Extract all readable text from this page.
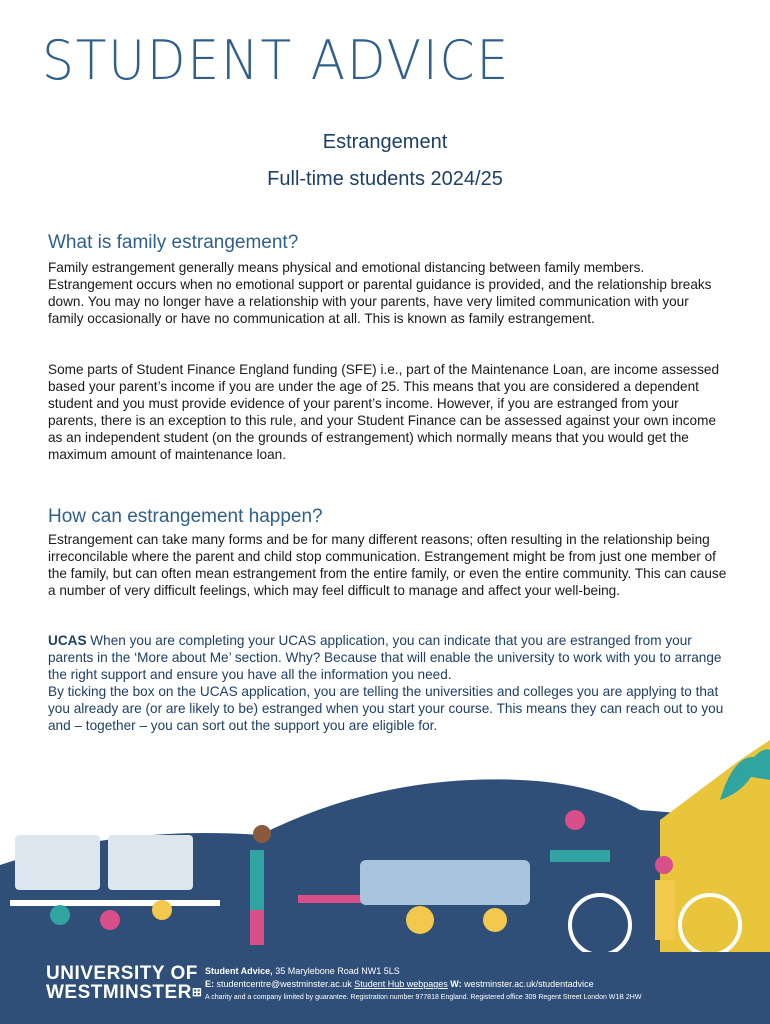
STUDENT ADVICE
Estrangement
Full-time students 2024/25
What is family estrangement?
Family estrangement generally means physical and emotional distancing between family members. Estrangement occurs when no emotional support or parental guidance is provided, and the relationship breaks down. You may no longer have a relationship with your parents, have very limited communication with your family occasionally or have no communication at all. This is known as family estrangement.
Some parts of Student Finance England funding (SFE) i.e., part of the Maintenance Loan, are income assessed based your parent’s income if you are under the age of 25. This means that you are considered a dependent student and you must provide evidence of your parent’s income. However, if you are estranged from your parents, there is an exception to this rule, and your Student Finance can be assessed against your own income as an independent student (on the grounds of estrangement) which normally means that you would get the maximum amount of maintenance loan.
How can estrangement happen?
Estrangement can take many forms and be for many different reasons; often resulting in the relationship being irreconcilable where the parent and child stop communication. Estrangement might be from just one member of the family, but can often mean estrangement from the entire family, or even the entire community. This can cause a number of very difficult feelings, which may feel difficult to manage and affect your well-being.
UCAS When you are completing your UCAS application, you can indicate that you are estranged from your parents in the ‘More about Me’ section. Why? Because that will enable the university to work with you to arrange the right support and ensure you have all the information you need.
By ticking the box on the UCAS application, you are telling the universities and colleges you are applying to that you already are (or are likely to be) estranged when you start your course. This means they can reach out to you and – together – you can sort out the support you are eligible for.
UNIVERSITY OF
WESTMINSTER⊞
Student Advice, 35 Marylebone Road NW1 5LS
E: studentcentre@westminster.ac.uk Student Hub webpages W: westminster.ac.uk/studentadvice
A charity and a company limited by guarantee. Registration number 977818 England. Registered office 309 Regent Street London W1B 2HW
